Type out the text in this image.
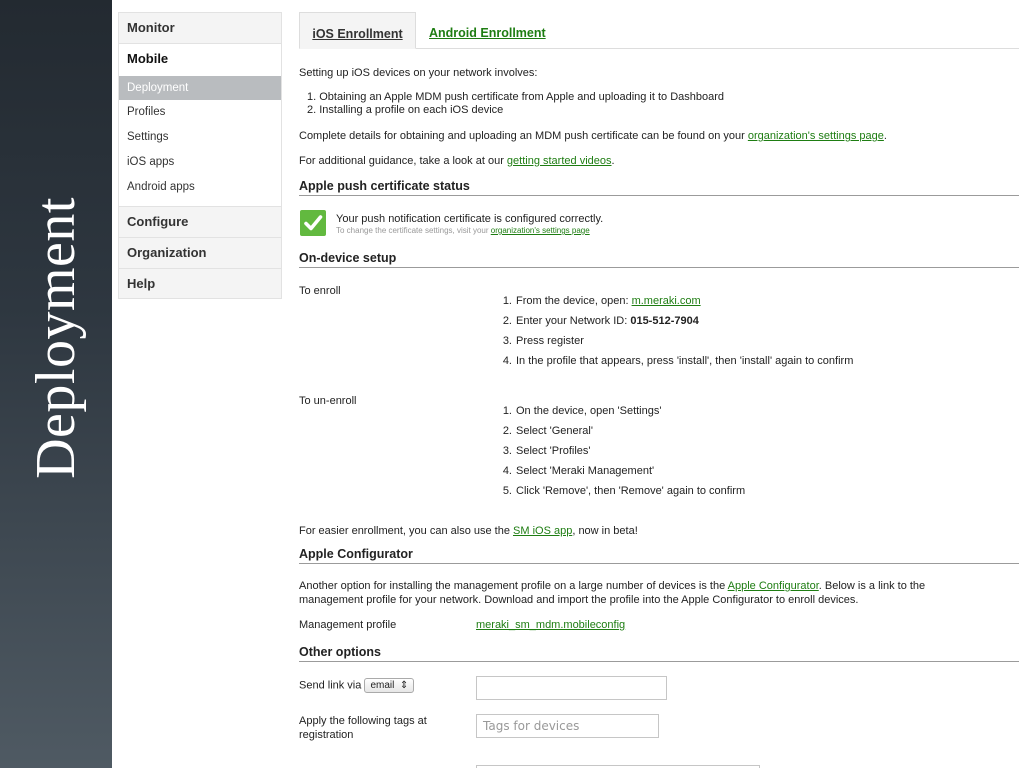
Deployment
Monitor
Mobile
Deployment
Profiles
Settings
iOS apps
Android apps
Configure
Organization
Help
iOS Enrollment	Android Enrollment
Setting up iOS devices on your network involves:
1. Obtaining an Apple MDM push certificate from Apple and uploading it to Dashboard
2. Installing a profile on each iOS device
Complete details for obtaining and uploading an MDM push certificate can be found on your organization's settings page.
For additional guidance, take a look at our getting started videos.
Apple push certificate status
Your push notification certificate is configured correctly.
To change the certificate settings, visit your organization's settings page
On-device setup
To enroll
1. From the device, open: m.meraki.com
2. Enter your Network ID: 015-512-7904
3. Press register
4. In the profile that appears, press 'install', then 'install' again to confirm
To un-enroll
1. On the device, open 'Settings'
2. Select 'General'
3. Select 'Profiles'
4. Select 'Meraki Management'
5. Click 'Remove', then 'Remove' again to confirm
For easier enrollment, you can also use the SM iOS app, now in beta!
Apple Configurator
Another option for installing the management profile on a large number of devices is the Apple Configurator. Below is a link to the
management profile for your network. Download and import the profile into the Apple Configurator to enroll devices.
Management profile	meraki_sm_mdm.mobileconfig
Other options
Send link via email ⇕
Apply the following tags at
registration
Tags for devices
